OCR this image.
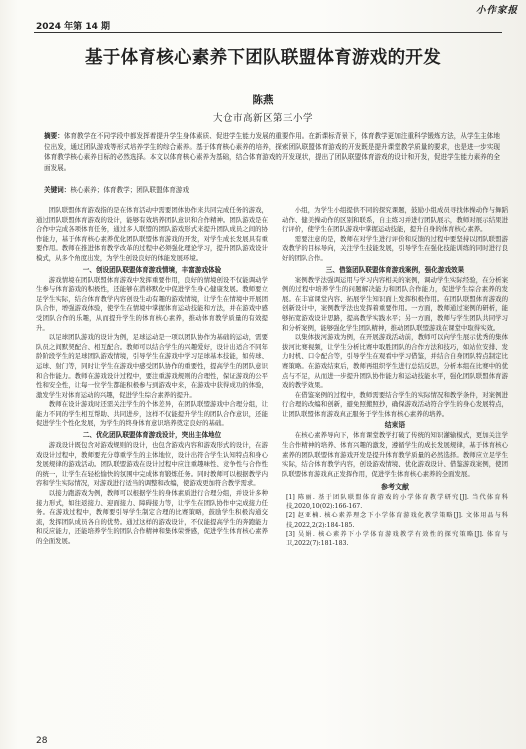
小作家报
2024 年第 14 期
基于体育核心素养下团队联盟体育游戏的开发
陈燕
大仓市高新区第三小学
摘要：体育教学在不同学段中都发挥着提升学生身体素质、促进学生能力发展的重要作用。在新课标背景下，体育教学更加注重科学锻炼方法，从学生主体地位出发，通过团队游戏等形式培养学生的综合素养。基于体育核心素养的培养，探索团队联盟体育游戏的开发既是提升课堂教学质量的要求，也是进一步实现体育教学核心素养目标的必然选择。本文以体育核心素养为基础，结合体育游戏的开发现状，提出了团队联盟体育游戏的设计和开发，促进学生能力素养的全面发展。
关键词：核心素养；体育教学；团队联盟体育游戏

团队联盟体育游戏指的是在体育活动中需要团体协作来共同完成任务的游戏，通过团队联盟体育游戏的设计，能够有效培养团队意识和合作精神。团队游戏是在合作中完成各项体育任务，通过多人联盟的团队游戏形式来提升团队成员之间的协作能力，基于体育核心素养优化团队联盟体育游戏的开发，对学生成长发展具有重要作用。教师在推进体育教学改革的过程中必须强化理论学习，提升团队游戏设计模式，从多个角度出发，为学生创设良好的体能发展环境。

一、创设团队联盟体育游戏情境，丰富游戏体验

游戏情境在团队联盟体育游戏中发挥重要作用，良好的情境创设不仅能调动学生参与体育游戏的积极性，还能够在潜移默化中促进学生身心健康发展。教师要立足学生实际，结合体育教学内容创设生动有趣的游戏情境，让学生在情境中开展团队合作，增强游戏体验，使学生在情境中掌握体育运动技能和方法，并在游戏中感受团队合作的乐趣，从而提升学生的体育核心素养，推动体育教学质量的有效提升。

以足球团队游戏的设计为例，足球运动是一项以团队协作为基础的运动，需要队员之间默契配合、相互配合。教师可以结合学生的兴趣爱好，设计出适合不同年龄阶段学生的足球团队游戏情境，引导学生在游戏中学习足球基本技能，如传球、运球、射门等，同时让学生在游戏中感受团队协作的重要性，提高学生的团队意识和合作能力。教师在游戏设计过程中，要注重游戏规则的合理性，保证游戏的公平性和安全性，让每一位学生都能积极参与到游戏中来，在游戏中获得成功的体验，激发学生对体育运动的兴趣，促进学生综合素养的提升。

教师在设计游戏时还需关注学生的个体差异，在团队联盟游戏中合理分组，让能力不同的学生相互帮助、共同进步，这样不仅能提升学生的团队合作意识，还能促进学生个性化发展，为学生的终身体育意识培养奠定良好的基础。

二、优化团队联盟体育游戏设计，突出主体地位

游戏设计既包含对游戏规则的设计，也包含游戏内容和游戏形式的设计，在游戏设计过程中，教师要充分尊重学生的主体地位，设计出符合学生认知特点和身心发展规律的游戏活动。团队联盟游戏在设计过程中应注重趣味性、竞争性与合作性的统一，让学生在轻松愉快的氛围中完成体育锻炼任务。同时教师可以根据教学内容和学生实际情况，对游戏进行适当的调整和改编，使游戏更加符合教学需求。

以接力跑游戏为例，教师可以根据学生的身体素质进行合理分组，并设计多种接力形式，如往返接力、迎面接力、障碍接力等，让学生在团队协作中完成接力任务。在游戏过程中，教师要引导学生制定合理的比赛策略，鼓励学生积极沟通交流，发挥团队成员各自的优势。通过这样的游戏设计，不仅能提高学生的奔跑能力和反应能力，还能培养学生的团队合作精神和集体荣誉感，促进学生体育核心素养的全面发展。

小组，为学生小组提供不同的探究课题，鼓励小组成员寻找体操动作与舞蹈动作、健美操动作的区别和联系，自主练习并进行团队展示，教师对展示结果进行评价，使学生在团队游戏中掌握运动技能，提升自身的体育核心素养。

需要注意的是，教师在对学生进行评价和反馈的过程中要坚持以团队联盟游戏教学的目标导向，关注学生技能发展，引导学生在强化技能训练的同时进行良好的团队合作。

三、借鉴团队联盟体育游戏案例，强化游戏效果

案例教学法强调运用与学习内容相关的案例，调动学生实际经验，在分析案例的过程中培养学生的问题解决能力和团队合作能力，促进学生综合素养的发展。在丰富课堂内容、拓展学生知识面上发挥积极作用。在团队联盟体育游戏的创新设计中，案例教学法也发挥着重要作用。一方面，教师通过案例的研析，能够拓宽游戏设计思路，提高教学实践水平；另一方面，教师与学生团队共同学习和分析案例，能够强化学生团队精神，推动团队联盟游戏在课堂中取得实效。

以集体拔河游戏为例，在开展游戏活动前，教师可以向学生展示优秀的集体拔河比赛视频，让学生分析比赛中取胜团队的合作方法和技巧，如站位安排、发力时机、口令配合等，引导学生在观看中学习借鉴，并结合自身团队特点制定比赛策略。在游戏结束后，教师再组织学生进行总结反思，分析本组在比赛中的优点与不足，从而进一步提升团队协作能力和运动技能水平，强化团队联盟体育游戏的教学效果。

在借鉴案例的过程中，教师需要结合学生的实际情况和教学条件，对案例进行合理的改编和创新，避免照搬照抄，确保游戏活动符合学生的身心发展特点，让团队联盟体育游戏真正服务于学生体育核心素养的培养。

结束语

在核心素养导向下，体育课堂教学打破了传统的知识灌输模式，更加关注学生合作精神的培养、体育兴趣的激发，遵循学生的成长发展规律，基于体育核心素养的团队联盟体育游戏开发是提升体育教学质量的必然选择。教师应立足学生实际，结合体育教学内容，创设游戏情境、优化游戏设计、借鉴游戏案例，使团队联盟体育游戏真正发挥作用，促进学生体育核心素养的全面发展。

参考文献
[1] 陈丽. 基于团队联盟体育游戏的小学体育教学研究[J]. 当代体育科技,2020,10(02):166-167.
[2] 赵亚楠. 核心素养理念下小学体育游戏化教学策略[J]. 文体用品与科技,2022,2(2):184-185.
[3] 吴娟. 核心素养下小学体育游戏教学有效性的探究策略[J]. 体育与卫,2022(7):181-183.
28
